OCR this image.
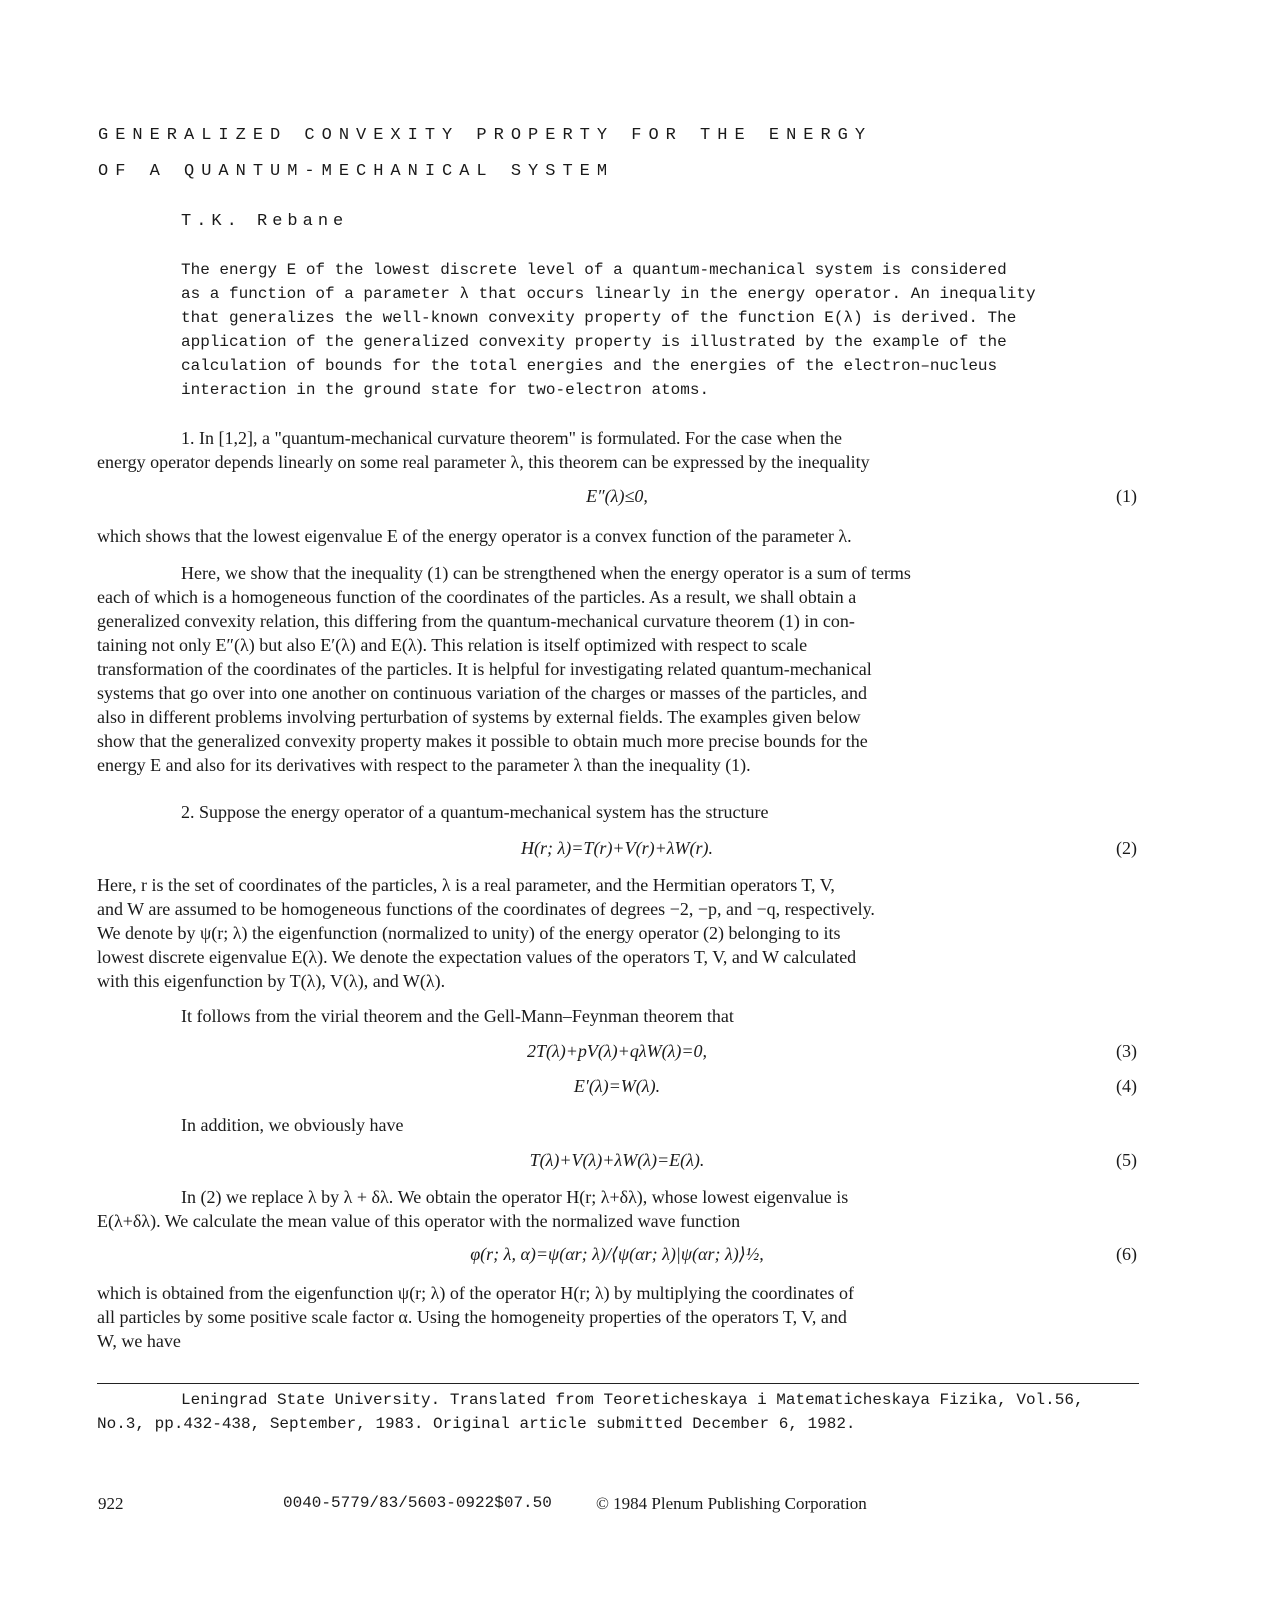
GENERALIZED CONVEXITY PROPERTY FOR THE ENERGY
OF A QUANTUM-MECHANICAL SYSTEM
T.K. Rebane
The energy E of the lowest discrete level of a quantum-mechanical system is considered
as a function of a parameter λ that occurs linearly in the energy operator. An inequality
that generalizes the well-known convexity property of the function E(λ) is derived. The
application of the generalized convexity property is illustrated by the example of the
calculation of bounds for the total energies and the energies of the electron–nucleus
interaction in the ground state for two-electron atoms.
1. In [1,2], a "quantum-mechanical curvature theorem" is formulated. For the case when the
energy operator depends linearly on some real parameter λ, this theorem can be expressed by the inequality
E″(λ)≤0,	(1)
which shows that the lowest eigenvalue E of the energy operator is a convex function of the parameter λ.
Here, we show that the inequality (1) can be strengthened when the energy operator is a sum of terms
each of which is a homogeneous function of the coordinates of the particles. As a result, we shall obtain a
generalized convexity relation, this differing from the quantum-mechanical curvature theorem (1) in con-
taining not only E″(λ) but also E′(λ) and E(λ). This relation is itself optimized with respect to scale
transformation of the coordinates of the particles. It is helpful for investigating related quantum-mechanical
systems that go over into one another on continuous variation of the charges or masses of the particles, and
also in different problems involving perturbation of systems by external fields. The examples given below
show that the generalized convexity property makes it possible to obtain much more precise bounds for the
energy E and also for its derivatives with respect to the parameter λ than the inequality (1).
2. Suppose the energy operator of a quantum-mechanical system has the structure
H(r; λ)=T(r)+V(r)+λW(r).	(2)
Here, r is the set of coordinates of the particles, λ is a real parameter, and the Hermitian operators T, V,
and W are assumed to be homogeneous functions of the coordinates of degrees −2, −p, and −q, respectively.
We denote by ψ(r; λ) the eigenfunction (normalized to unity) of the energy operator (2) belonging to its
lowest discrete eigenvalue E(λ). We denote the expectation values of the operators T, V, and W calculated
with this eigenfunction by T(λ), V(λ), and W(λ).
It follows from the virial theorem and the Gell-Mann–Feynman theorem that
2T(λ)+pV(λ)+qλW(λ)=0,	(3)
E′(λ)=W(λ).	(4)
In addition, we obviously have
T(λ)+V(λ)+λW(λ)=E(λ).	(5)
In (2) we replace λ by λ + δλ. We obtain the operator H(r; λ+δλ), whose lowest eigenvalue is
E(λ+δλ). We calculate the mean value of this operator with the normalized wave function
φ(r; λ, α)=ψ(αr; λ)/⟨ψ(αr; λ)|ψ(αr; λ)⟩½,	(6)
which is obtained from the eigenfunction ψ(r; λ) of the operator H(r; λ) by multiplying the coordinates of
all particles by some positive scale factor α. Using the homogeneity properties of the operators T, V, and
W, we have
Leningrad State University. Translated from Teoreticheskaya i Matematicheskaya Fizika, Vol.56,
No.3, pp.432-438, September, 1983. Original article submitted December 6, 1982.
922	0040-5779/83/5603-0922$07.50	© 1984 Plenum Publishing Corporation
